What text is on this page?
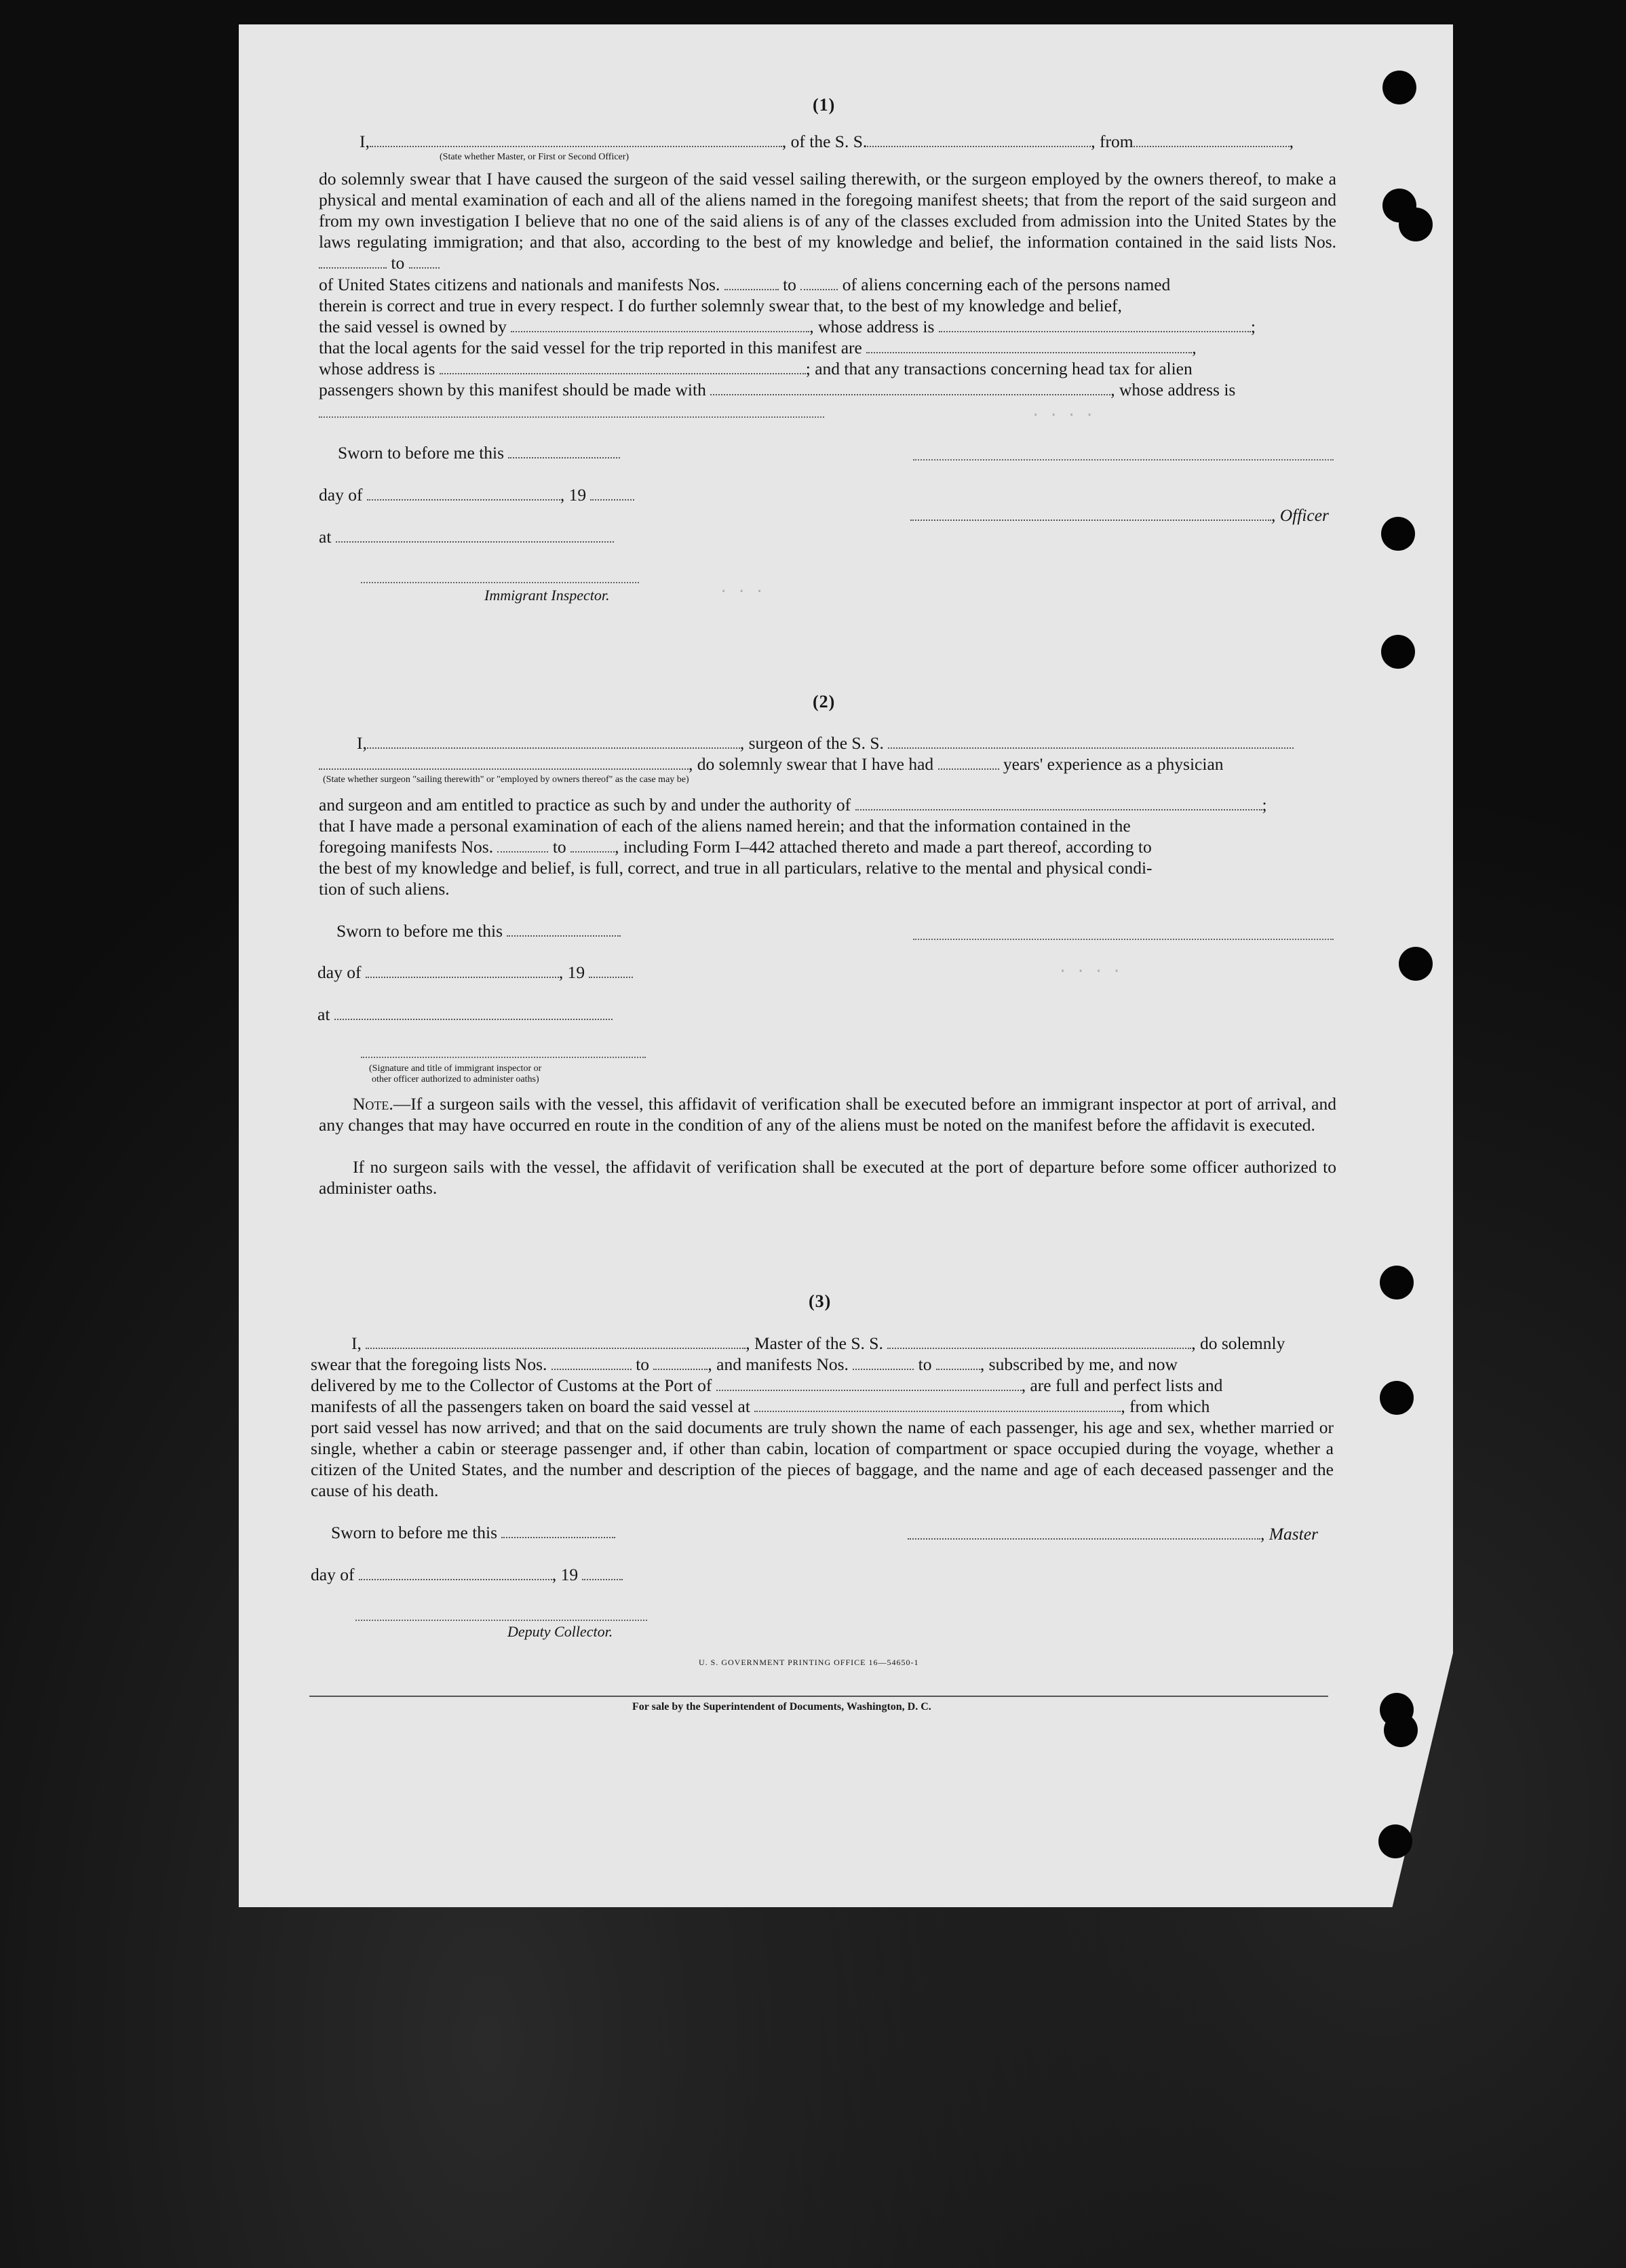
· · · ·
· · ·
· · · ·
(1)
I,	, of the S. S.	, from	,
(State whether Master, or First or Second Officer)
do solemnly swear that I have caused the surgeon of the said vessel sailing therewith, or the surgeon employed by the owners thereof, to make a physical and mental examination of each and all of the aliens named in the foregoing manifest sheets; that from the report of the said surgeon and from my own investigation I believe that no one of the said aliens is of any of the classes excluded from admission into the United States by the laws regulating immigration; and that also, according to the best of my knowledge and belief, the information contained in the said lists Nos.  to
of United States citizens and nationals and manifests Nos.	to	of aliens concerning each of the persons named
therein is correct and true in every respect. I do further solemnly swear that, to the best of my knowledge and belief,
the said vessel is owned by	, whose address is	;
that the local agents for the said vessel for the trip reported in this manifest are	,
whose address is	; and that any transactions concerning head tax for alien
passengers shown by this manifest should be made with	, whose address is
Sworn to before me this
day of	, 19
, Officer
at
Immigrant Inspector.
(2)
I,	, surgeon of the S. S.
, do solemnly swear that I have had	years' experience as a physician
(State whether surgeon "sailing therewith" or "employed by owners thereof" as the case may be)
and surgeon and am entitled to practice as such by and under the authority of	;
that I have made a personal examination of each of the aliens named herein; and that the information contained in the
foregoing manifests Nos.	to	, including Form I–442 attached thereto and made a part thereof, according to
the best of my knowledge and belief, is full, correct, and true in all particulars, relative to the mental and physical condi-
tion of such aliens.
Sworn to before me this
day of	, 19
at
(Signature and title of immigrant inspector or
other officer authorized to administer oaths)
Note.—If a surgeon sails with the vessel, this affidavit of verification shall be executed before an immigrant inspector at port of arrival, and any changes that may have occurred en route in the condition of any of the aliens must be noted on the manifest before the affidavit is executed.
If no surgeon sails with the vessel, the affidavit of verification shall be executed at the port of departure before some officer authorized to administer oaths.
(3)
I,	, Master of the S. S.	, do solemnly
swear that the foregoing lists Nos.	to	, and manifests Nos.	to	, subscribed by me, and now
delivered by me to the Collector of Customs at the Port of	, are full and perfect lists and
manifests of all the passengers taken on board the said vessel at	, from which
port said vessel has now arrived; and that on the said documents are truly shown the name of each passenger, his age and sex, whether married or single, whether a cabin or steerage passenger and, if other than cabin, location of compartment or space occupied during the voyage, whether a citizen of the United States, and the number and description of the pieces of baggage, and the name and age of each deceased passenger and the cause of his death.
Sworn to before me this	, Master
day of	, 19
Deputy Collector.
U. S. GOVERNMENT PRINTING OFFICE 16—54650-1
For sale by the Superintendent of Documents, Washington, D. C.
